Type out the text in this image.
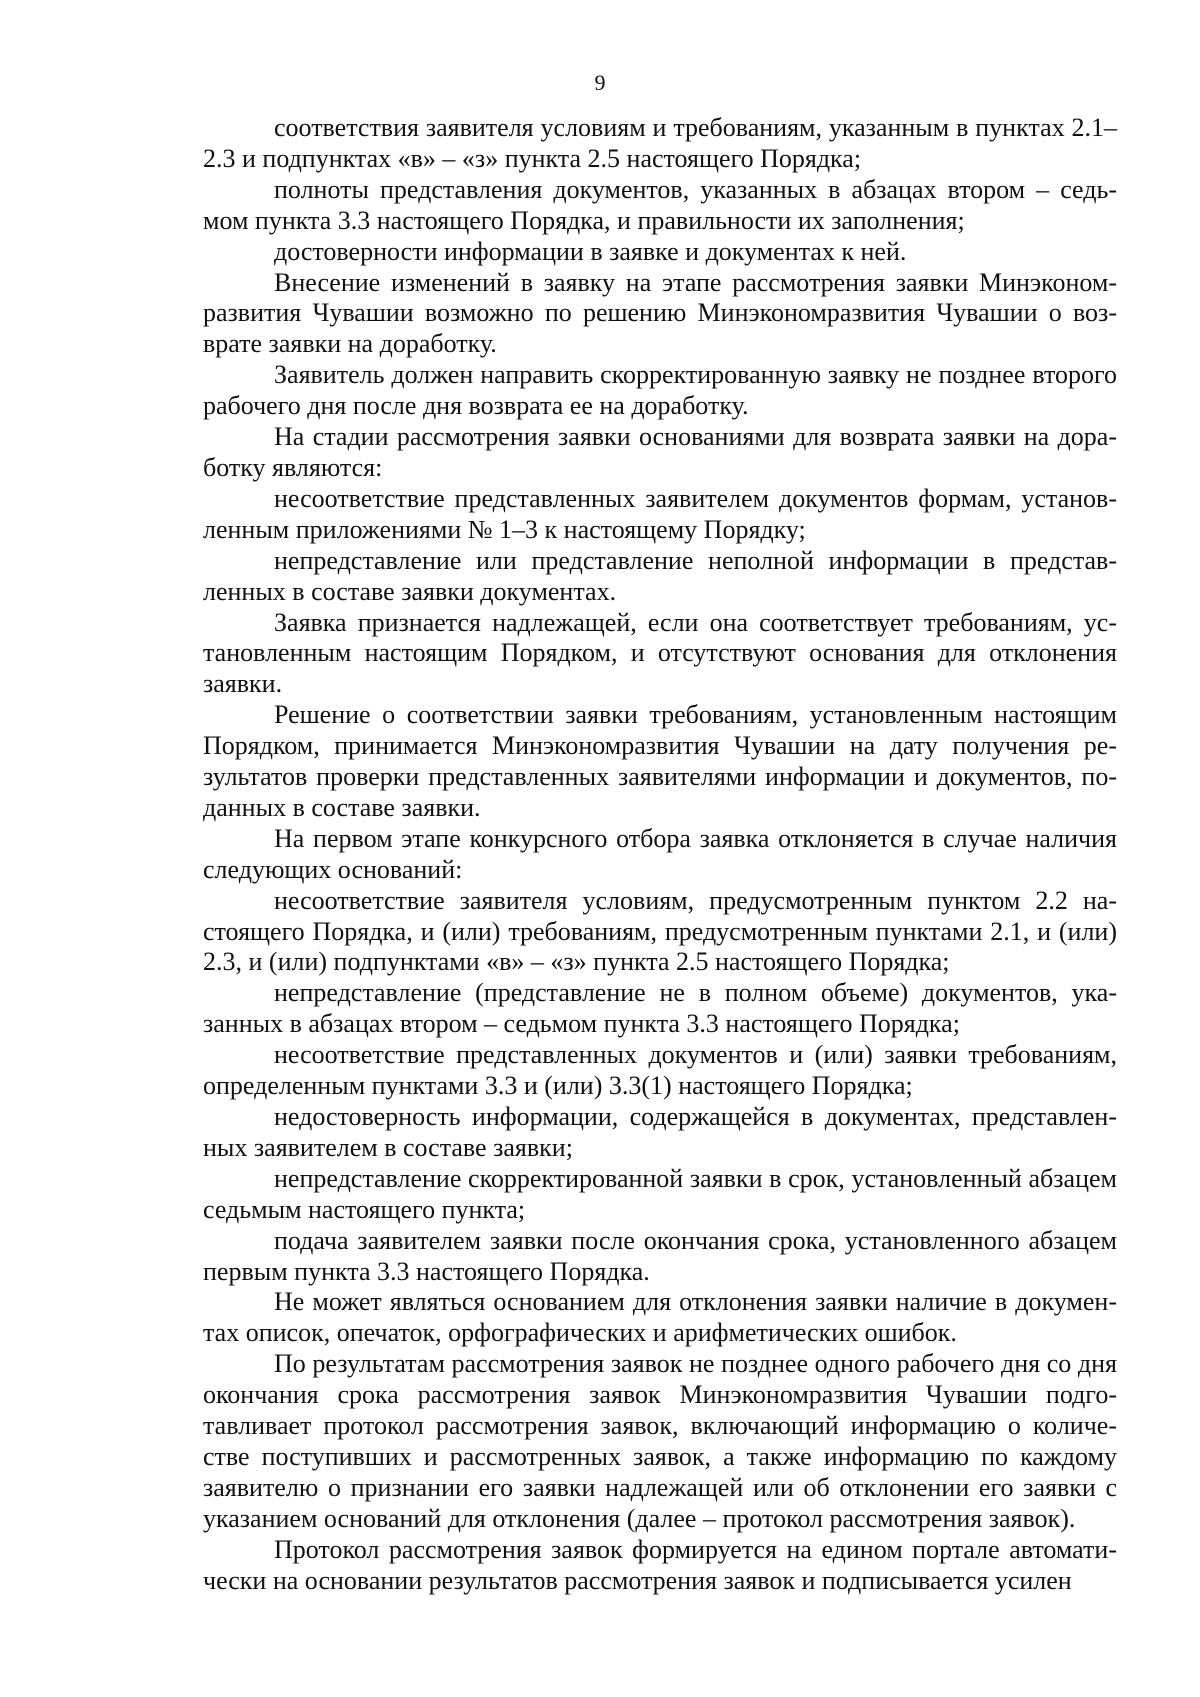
9

соответствия заявителя условиям и требованиям, указанным в пунктах 2.1–2.3 и подпунктах «в» – «з» пункта 2.5 настоящего Порядка;

полноты представления документов, указанных в абзацах втором – седьмом пункта 3.3 настоящего Порядка, и правильности их заполнения;

достоверности информации в заявке и документах к ней.

Внесение изменений в заявку на этапе рассмотрения заявки Минэкономразвития Чувашии возможно по решению Минэкономразвития Чувашии о возврате заявки на доработку.

Заявитель должен направить скорректированную заявку не позднее второго рабочего дня после дня возврата ее на доработку.

На стадии рассмотрения заявки основаниями для возврата заявки на доработку являются:

несоответствие представленных заявителем документов формам, установленным приложениями № 1–3 к настоящему Порядку;

непредставление или представление неполной информации в представленных в составе заявки документах.

Заявка признается надлежащей, если она соответствует требованиям, установленным настоящим Порядком, и отсутствуют основания для отклонения заявки.

Решение о соответствии заявки требованиям, установленным настоящим Порядком, принимается Минэкономразвития Чувашии на дату получения результатов проверки представленных заявителями информации и документов, поданных в составе заявки.

На первом этапе конкурсного отбора заявка отклоняется в случае наличия следующих оснований:

несоответствие заявителя условиям, предусмотренным пунктом 2.2 настоящего Порядка, и (или) требованиям, предусмотренным пунктами 2.1, и (или) 2.3, и (или) подпунктами «в» – «з» пункта 2.5 настоящего Порядка;

непредставление (представление не в полном объеме) документов, указанных в абзацах втором – седьмом пункта 3.3 настоящего Порядка;

несоответствие представленных документов и (или) заявки требованиям, определенным пунктами 3.3 и (или) 3.3(1) настоящего Порядка;

недостоверность информации, содержащейся в документах, представленных заявителем в составе заявки;

непредставление скорректированной заявки в срок, установленный абзацем седьмым настоящего пункта;

подача заявителем заявки после окончания срока, установленного абзацем первым пункта 3.3 настоящего Порядка.

Не может являться основанием для отклонения заявки наличие в документах описок, опечаток, орфографических и арифметических ошибок.

По результатам рассмотрения заявок не позднее одного рабочего дня со дня окончания срока рассмотрения заявок Минэкономразвития Чувашии подготавливает протокол рассмотрения заявок, включающий информацию о количестве поступивших и рассмотренных заявок, а также информацию по каждому заявителю о признании его заявки надлежащей или об отклонении его заявки с указанием оснований для отклонения (далее – протокол рассмотрения заявок).

Протокол рассмотрения заявок формируется на едином портале автоматически на основании результатов рассмотрения заявок и подписывается усилен
